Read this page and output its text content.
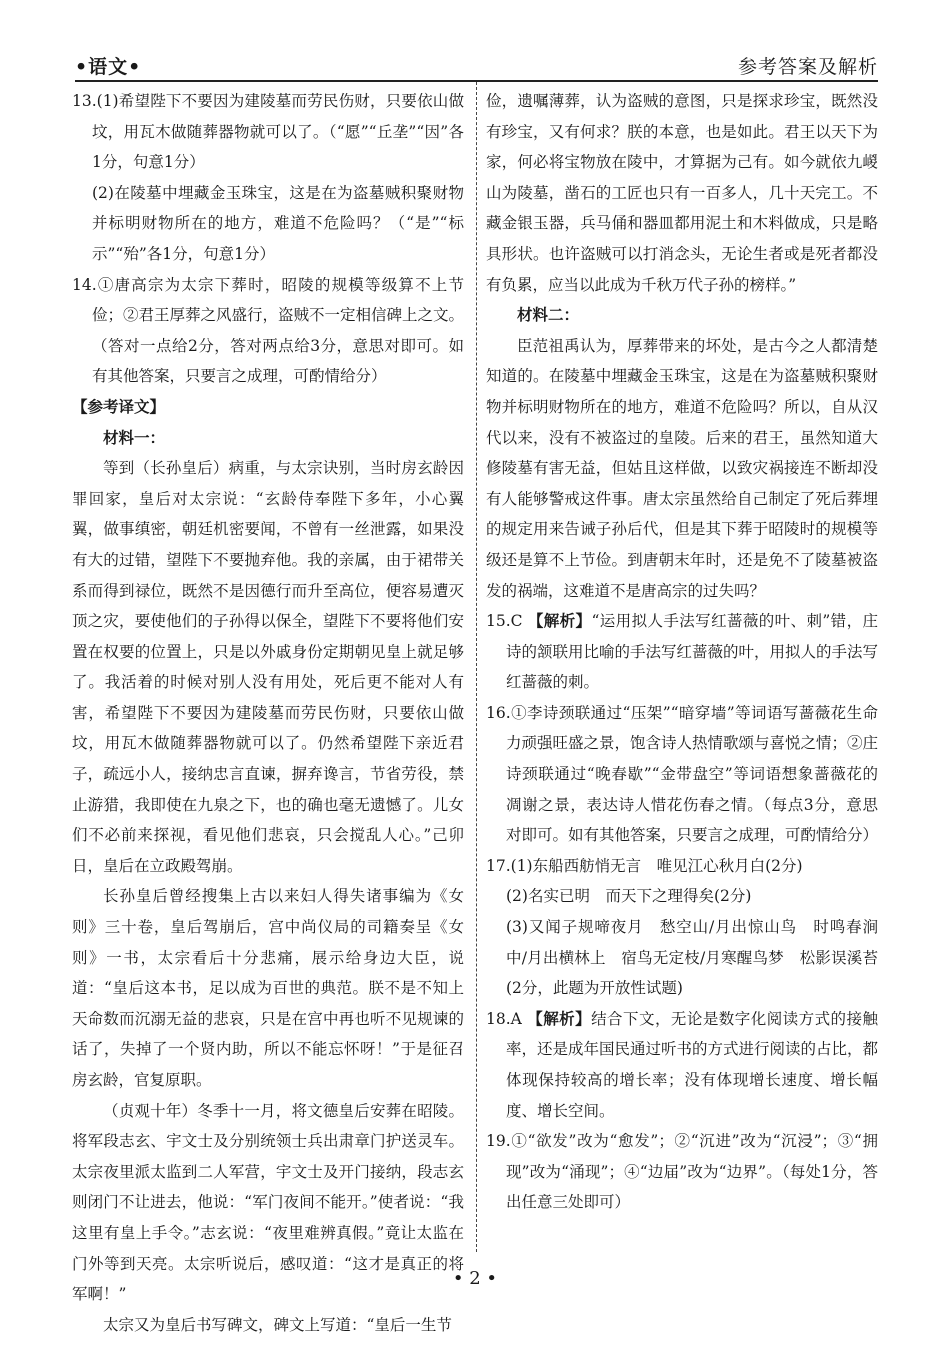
•语文•	参考答案及解析

13.(1)希望陛下不要因为建陵墓而劳民伤财，只要依山做坟，用瓦木做随葬器物就可以了。（“愿”“丘垄”“因”各1分，句意1分）

(2)在陵墓中埋藏金玉珠宝，这是在为盗墓贼积聚财物并标明财物所在的地方，难道不危险吗？（“是”“标示”“殆”各1分，句意1分）

14.①唐高宗为太宗下葬时，昭陵的规模等级算不上节俭；②君王厚葬之风盛行，盗贼不一定相信碑上之文。（答对一点给2分，答对两点给3分，意思对即可。如有其他答案，只要言之成理，可酌情给分）

【参考译文】

材料一：

等到（长孙皇后）病重，与太宗诀别，当时房玄龄因罪回家，皇后对太宗说：“玄龄侍奉陛下多年，小心翼翼，做事缜密，朝廷机密要闻，不曾有一丝泄露，如果没有大的过错，望陛下不要抛弃他。我的亲属，由于裙带关系而得到禄位，既然不是因德行而升至高位，便容易遭灭顶之灾，要使他们的子孙得以保全，望陛下不要将他们安置在权要的位置上，只是以外戚身份定期朝见皇上就足够了。我活着的时候对别人没有用处，死后更不能对人有害，希望陛下不要因为建陵墓而劳民伤财，只要依山做坟，用瓦木做随葬器物就可以了。仍然希望陛下亲近君子，疏远小人，接纳忠言直谏，摒弃谗言，节省劳役，禁止游猎，我即使在九泉之下，也的确也毫无遗憾了。儿女们不必前来探视，看见他们悲哀，只会搅乱人心。”己卯日，皇后在立政殿驾崩。

长孙皇后曾经搜集上古以来妇人得失诸事编为《女则》三十卷，皇后驾崩后，宫中尚仪局的司籍奏呈《女则》一书，太宗看后十分悲痛，展示给身边大臣，说道：“皇后这本书，足以成为百世的典范。朕不是不知上天命数而沉溺无益的悲哀，只是在宫中再也听不见规谏的话了，失掉了一个贤内助，所以不能忘怀呀！”于是征召房玄龄，官复原职。

（贞观十年）冬季十一月，将文德皇后安葬在昭陵。将军段志玄、宇文士及分别统领士兵出肃章门护送灵车。太宗夜里派太监到二人军营，宇文士及开门接纳，段志玄则闭门不让进去，他说：“军门夜间不能开。”使者说：“我这里有皇上手令。”志玄说：“夜里难辨真假。”竟让太监在门外等到天亮。太宗听说后，感叹道：“这才是真正的将军啊！”

太宗又为皇后书写碑文，碑文上写道：“皇后一生节

俭，遗嘱薄葬，认为盗贼的意图，只是探求珍宝，既然没有珍宝，又有何求？朕的本意，也是如此。君王以天下为家，何必将宝物放在陵中，才算据为己有。如今就依九嵕山为陵墓，凿石的工匠也只有一百多人，几十天完工。不藏金银玉器，兵马俑和器皿都用泥土和木料做成，只是略具形状。也许盗贼可以打消念头，无论生者或是死者都没有负累，应当以此成为千秋万代子孙的榜样。”

材料二：

臣范祖禹认为，厚葬带来的坏处，是古今之人都清楚知道的。在陵墓中埋藏金玉珠宝，这是在为盗墓贼积聚财物并标明财物所在的地方，难道不危险吗？所以，自从汉代以来，没有不被盗过的皇陵。后来的君王，虽然知道大修陵墓有害无益，但姑且这样做，以致灾祸接连不断却没有人能够警戒这件事。唐太宗虽然给自己制定了死后葬埋的规定用来告诫子孙后代，但是其下葬于昭陵时的规模等级还是算不上节俭。到唐朝末年时，还是免不了陵墓被盗发的祸端，这难道不是唐高宗的过失吗？

15.C 【解析】“运用拟人手法写红蔷薇的叶、刺”错，庄诗的颔联用比喻的手法写红蔷薇的叶，用拟人的手法写红蔷薇的刺。

16.①李诗颈联通过“压架”“暗穿墙”等词语写蔷薇花生命力顽强旺盛之景，饱含诗人热情歌颂与喜悦之情；②庄诗颈联通过“晚春歇”“金带盘空”等词语想象蔷薇花的凋谢之景，表达诗人惜花伤春之情。（每点3分，意思对即可。如有其他答案，只要言之成理，可酌情给分）

17.(1)东船西舫悄无言　唯见江心秋月白(2分)

(2)名实已明　而天下之理得矣(2分)

(3)又闻子规啼夜月　愁空山/月出惊山鸟　时鸣春涧中/月出横林上　宿鸟无定枝/月寒醒鸟梦　松影误溪苔(2分，此题为开放性试题)

18.A 【解析】结合下文，无论是数字化阅读方式的接触率，还是成年国民通过听书的方式进行阅读的占比，都体现保持较高的增长率；没有体现增长速度、增长幅度、增长空间。

19.①“欲发”改为“愈发”；②“沉进”改为“沉浸”；③“拥现”改为“涌现”；④“边届”改为“边界”。（每处1分，答出任意三处即可）

• 2 •
